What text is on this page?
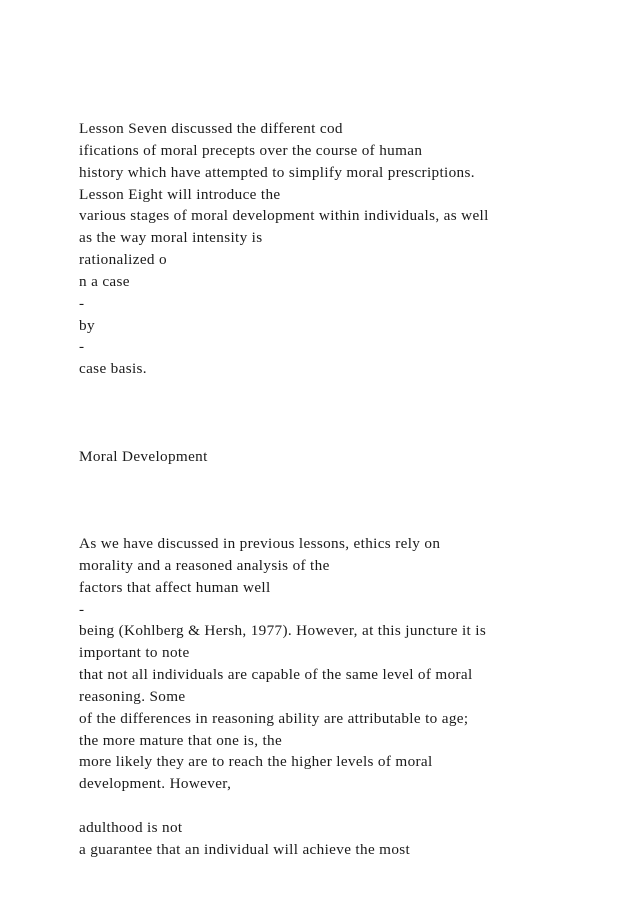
Lesson Seven discussed the different cod
ifications of moral precepts over the course of human
history which have attempted to simplify moral prescriptions.
Lesson Eight will introduce the
various stages of moral development within individuals, as well
as the way moral intensity is
rationalized o
n a case
-
by
-
case basis.
Moral Development
As we have discussed in previous lessons, ethics rely on
morality and a reasoned analysis of the
factors that affect human well
-
being (Kohlberg & Hersh, 1977). However, at this juncture it is
important to note
that not all individuals are capable of the same level of moral
reasoning. Some
of the differences in reasoning ability are attributable to age;
the more mature that one is, the
more likely they are to reach the higher levels of moral
development. However,
adulthood is not
a guarantee that an individual will achieve the most
